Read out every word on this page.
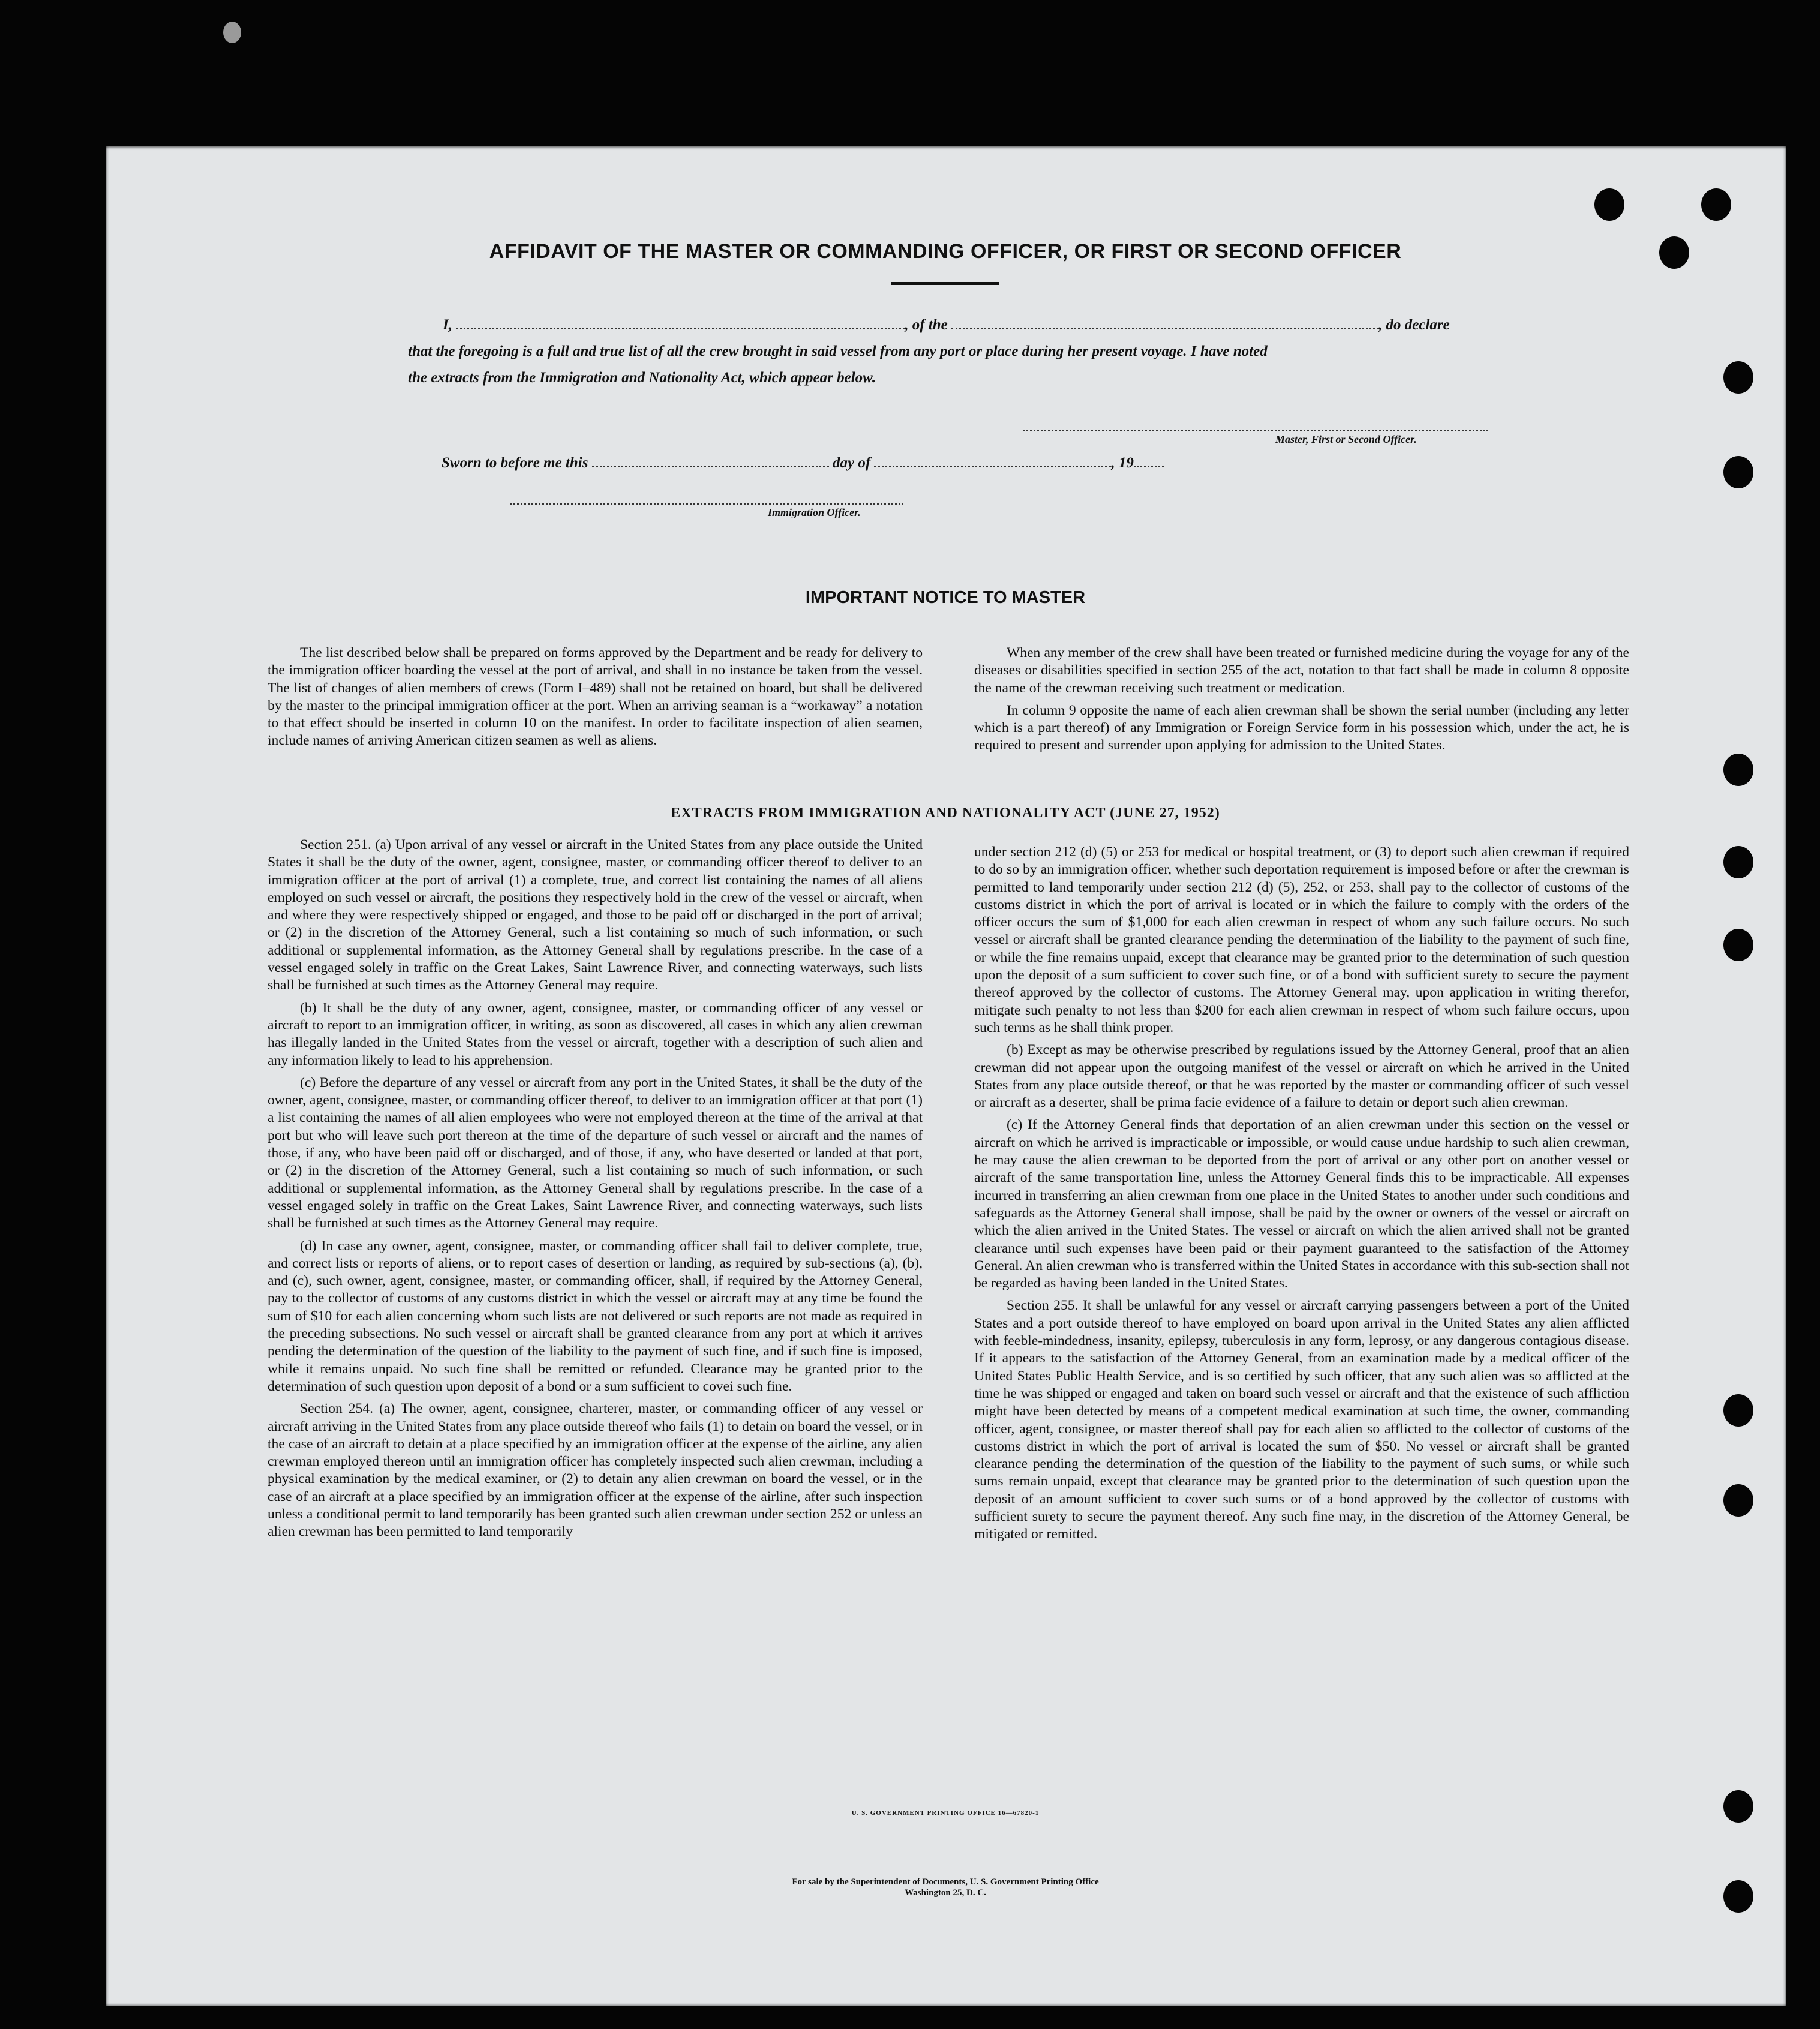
AFFIDAVIT OF THE MASTER OR COMMANDING OFFICER, OR FIRST OR SECOND OFFICER
I,	, of the	, do declare
that the foregoing is a full and true list of all the crew brought in said vessel from any port or place during her present voyage. I have noted
the extracts from the Immigration and Nationality Act, which appear below.
Master, First or Second Officer.
Sworn to before me this	day of	, 19
Immigration Officer.
IMPORTANT NOTICE TO MASTER

The list described below shall be prepared on forms approved by the Department and be ready for delivery to the immigration officer boarding the vessel at the port of arrival, and shall in no instance be taken from the vessel. The list of changes of alien members of crews (Form I–489) shall not be retained on board, but shall be delivered by the master to the principal immigration officer at the port. When an arriving seaman is a “workaway” a notation to that effect should be inserted in column 10 on the manifest. In order to facilitate inspection of alien seamen, include names of arriving American citizen seamen as well as aliens.

When any member of the crew shall have been treated or furnished medicine during the voyage for any of the diseases or disabilities specified in section 255 of the act, notation to that fact shall be made in column 8 opposite the name of the crewman receiving such treatment or medication.

In column 9 opposite the name of each alien crewman shall be shown the serial number (including any letter which is a part thereof) of any Immigration or Foreign Service form in his possession which, under the act, he is required to present and surrender upon applying for admission to the United States.

EXTRACTS FROM IMMIGRATION AND NATIONALITY ACT (JUNE 27, 1952)

Section 251. (a) Upon arrival of any vessel or aircraft in the United States from any place outside the United States it shall be the duty of the owner, agent, consignee, master, or commanding officer thereof to deliver to an immigration officer at the port of arrival (1) a complete, true, and correct list containing the names of all aliens employed on such vessel or aircraft, the positions they respectively hold in the crew of the vessel or aircraft, when and where they were respectively shipped or engaged, and those to be paid off or discharged in the port of arrival; or (2) in the discretion of the Attorney General, such a list containing so much of such information, or such additional or supplemental information, as the Attorney General shall by regulations prescribe. In the case of a vessel engaged solely in traffic on the Great Lakes, Saint Lawrence River, and connecting waterways, such lists shall be furnished at such times as the Attorney General may require.

(b) It shall be the duty of any owner, agent, consignee, master, or commanding officer of any vessel or aircraft to report to an immigration officer, in writing, as soon as discovered, all cases in which any alien crewman has illegally landed in the United States from the vessel or aircraft, together with a description of such alien and any information likely to lead to his apprehension.

(c) Before the departure of any vessel or aircraft from any port in the United States, it shall be the duty of the owner, agent, consignee, master, or commanding officer thereof, to deliver to an immigration officer at that port (1) a list containing the names of all alien employees who were not employed thereon at the time of the arrival at that port but who will leave such port thereon at the time of the departure of such vessel or aircraft and the names of those, if any, who have been paid off or discharged, and of those, if any, who have deserted or landed at that port, or (2) in the discretion of the Attorney General, such a list containing so much of such information, or such additional or supplemental information, as the Attorney General shall by regulations prescribe. In the case of a vessel engaged solely in traffic on the Great Lakes, Saint Lawrence River, and connecting waterways, such lists shall be furnished at such times as the Attorney General may require.

(d) In case any owner, agent, consignee, master, or commanding officer shall fail to deliver complete, true, and correct lists or reports of aliens, or to report cases of desertion or landing, as required by sub-sections (a), (b), and (c), such owner, agent, consignee, master, or commanding officer, shall, if required by the Attorney General, pay to the collector of customs of any customs district in which the vessel or aircraft may at any time be found the sum of $10 for each alien concerning whom such lists are not delivered or such reports are not made as required in the preceding subsections. No such vessel or aircraft shall be granted clearance from any port at which it arrives pending the determination of the question of the liability to the payment of such fine, and if such fine is imposed, while it remains unpaid. No such fine shall be remitted or refunded. Clearance may be granted prior to the determination of such question upon deposit of a bond or a sum sufficient to covei such fine.

Section 254. (a) The owner, agent, consignee, charterer, master, or commanding officer of any vessel or aircraft arriving in the United States from any place outside thereof who fails (1) to detain on board the vessel, or in the case of an aircraft to detain at a place specified by an immigration officer at the expense of the airline, any alien crewman employed thereon until an immigration officer has completely inspected such alien crewman, including a physical examination by the medical examiner, or (2) to detain any alien crewman on board the vessel, or in the case of an aircraft at a place specified by an immigration officer at the expense of the airline, after such inspection unless a conditional permit to land temporarily has been granted such alien crewman under section 252 or unless an alien crewman has been permitted to land temporarily

under section 212 (d) (5) or 253 for medical or hospital treatment, or (3) to deport such alien crewman if required to do so by an immigration officer, whether such deportation requirement is imposed before or after the crewman is permitted to land temporarily under section 212 (d) (5), 252, or 253, shall pay to the collector of customs of the customs district in which the port of arrival is located or in which the failure to comply with the orders of the officer occurs the sum of $1,000 for each alien crewman in respect of whom any such failure occurs. No such vessel or aircraft shall be granted clearance pending the determination of the liability to the payment of such fine, or while the fine remains unpaid, except that clearance may be granted prior to the determination of such question upon the deposit of a sum sufficient to cover such fine, or of a bond with sufficient surety to secure the payment thereof approved by the collector of customs. The Attorney General may, upon application in writing therefor, mitigate such penalty to not less than $200 for each alien crewman in respect of whom such failure occurs, upon such terms as he shall think proper.

(b) Except as may be otherwise prescribed by regulations issued by the Attorney General, proof that an alien crewman did not appear upon the outgoing manifest of the vessel or aircraft on which he arrived in the United States from any place outside thereof, or that he was reported by the master or commanding officer of such vessel or aircraft as a deserter, shall be prima facie evidence of a failure to detain or deport such alien crewman.

(c) If the Attorney General finds that deportation of an alien crewman under this section on the vessel or aircraft on which he arrived is impracticable or impossible, or would cause undue hardship to such alien crewman, he may cause the alien crewman to be deported from the port of arrival or any other port on another vessel or aircraft of the same transportation line, unless the Attorney General finds this to be impracticable. All expenses incurred in transferring an alien crewman from one place in the United States to another under such conditions and safeguards as the Attorney General shall impose, shall be paid by the owner or owners of the vessel or aircraft on which the alien arrived in the United States. The vessel or aircraft on which the alien arrived shall not be granted clearance until such expenses have been paid or their payment guaranteed to the satisfaction of the Attorney General. An alien crewman who is transferred within the United States in accordance with this sub-section shall not be regarded as having been landed in the United States.

Section 255. It shall be unlawful for any vessel or aircraft carrying passengers between a port of the United States and a port outside thereof to have employed on board upon arrival in the United States any alien afflicted with feeble-mindedness, insanity, epilepsy, tuberculosis in any form, leprosy, or any dangerous contagious disease. If it appears to the satisfaction of the Attorney General, from an examination made by a medical officer of the United States Public Health Service, and is so certified by such officer, that any such alien was so afflicted at the time he was shipped or engaged and taken on board such vessel or aircraft and that the existence of such affliction might have been detected by means of a competent medical examination at such time, the owner, commanding officer, agent, consignee, or master thereof shall pay for each alien so afflicted to the collector of customs of the customs district in which the port of arrival is located the sum of $50. No vessel or aircraft shall be granted clearance pending the determination of the question of the liability to the payment of such sums, or while such sums remain unpaid, except that clearance may be granted prior to the determination of such question upon the deposit of an amount sufficient to cover such sums or of a bond approved by the collector of customs with sufficient surety to secure the payment thereof. Any such fine may, in the discretion of the Attorney General, be mitigated or remitted.

U. S. GOVERNMENT PRINTING OFFICE 16—67820-1
For sale by the Superintendent of Documents, U. S. Government Printing Office
Washington 25, D. C.
